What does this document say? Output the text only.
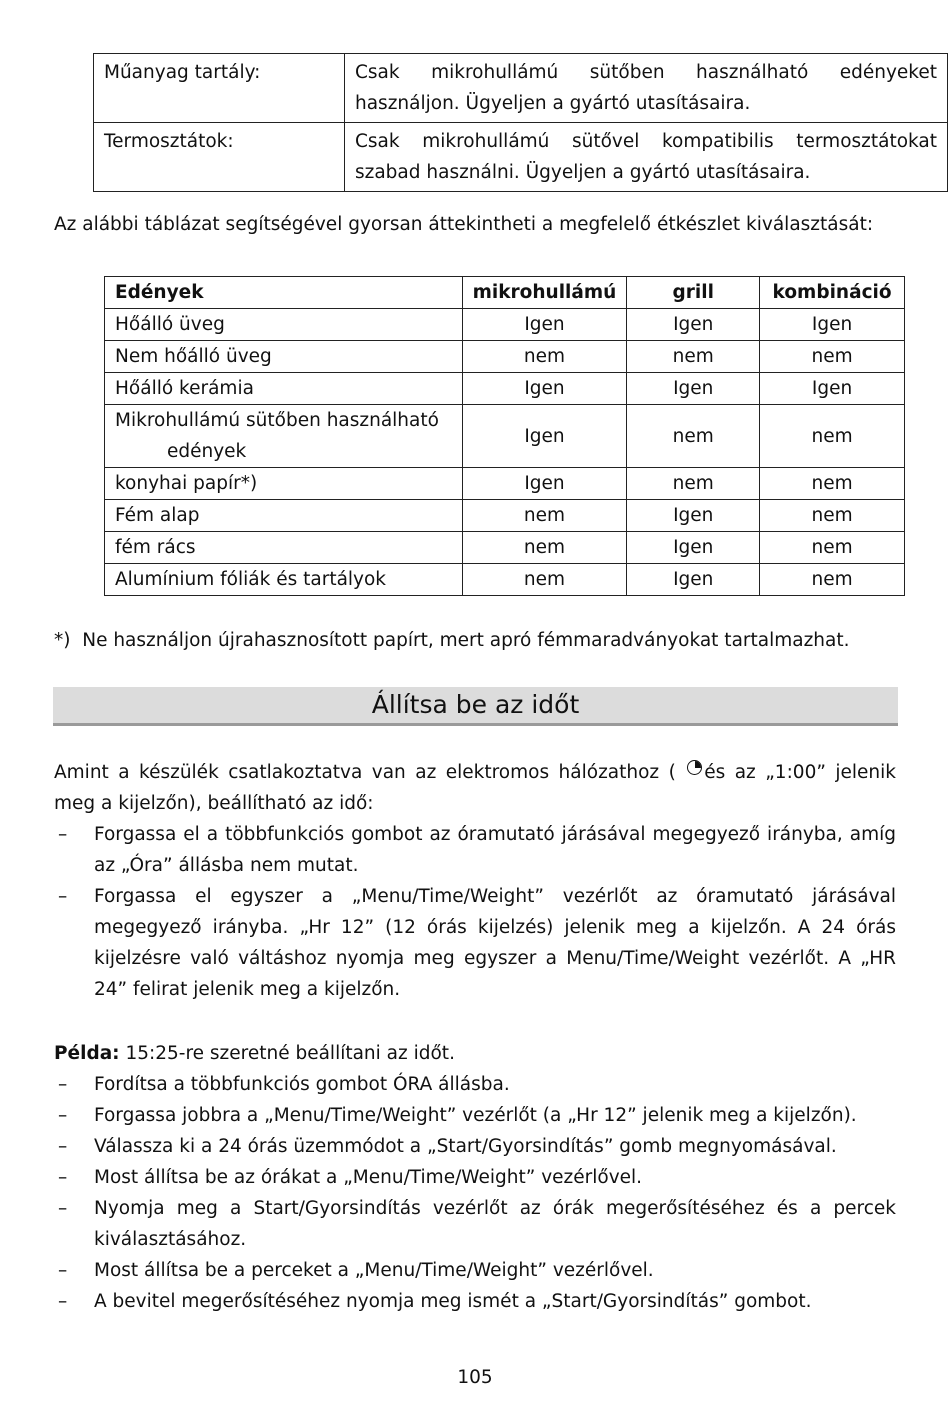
Műanyag tartály:	Csak mikrohullámú sütőben használható edényeket használjon. Ügyeljen a gyártó utasításaira.
Termosztátok:	Csak mikrohullámú sütővel kompatibilis termosztátokat szabad használni. Ügyeljen a gyártó utasításaira.
Az alábbi táblázat segítségével gyorsan áttekintheti a megfelelő étkészlet kiválasztását:
Edények	mikrohullámú	grill	kombináció
Hőálló üveg	Igen	Igen	Igen
Nem hőálló üveg	nem	nem	nem
Hőálló kerámia	Igen	Igen	Igen
Mikrohullámú sütőben használható
edények	Igen	nem	nem
konyhai papír*)	Igen	nem	nem
Fém alap	nem	Igen	nem
fém rács	nem	Igen	nem
Alumínium fóliák és tartályok	nem	Igen	nem
*)  Ne használjon újrahasznosított papírt, mert apró fémmaradványokat tartalmazhat.
Állítsa be az időt
Amint a készülék csatlakoztatva van az elektromos hálózathoz ( és az „1:00” jelenik meg a kijelzőn), beállítható az idő:
– Forgassa el a többfunkciós gombot az óramutató járásával megegyező irányba, amíg az „Óra” állásba nem mutat.
– Forgassa el egyszer a „Menu/Time/Weight” vezérlőt az óramutató járásával megegyező irányba. „Hr 12” (12 órás kijelzés) jelenik meg a kijelzőn. A 24 órás kijelzésre való váltáshoz nyomja meg egyszer a Menu/Time/Weight vezérlőt. A „HR 24” felirat jelenik meg a kijelzőn.
Példa: 15:25-re szeretné beállítani az időt.
– Fordítsa a többfunkciós gombot ÓRA állásba.
– Forgassa jobbra a „Menu/Time/Weight” vezérlőt (a „Hr 12” jelenik meg a kijelzőn).
– Válassza ki a 24 órás üzemmódot a „Start/Gyorsindítás” gomb megnyomásával.
– Most állítsa be az órákat a „Menu/Time/Weight” vezérlővel.
– Nyomja meg a Start/Gyorsindítás vezérlőt az órák megerősítéséhez és a percek kiválasztásához.
– Most állítsa be a perceket a „Menu/Time/Weight” vezérlővel.
– A bevitel megerősítéséhez nyomja meg ismét a „Start/Gyorsindítás” gombot.
105
